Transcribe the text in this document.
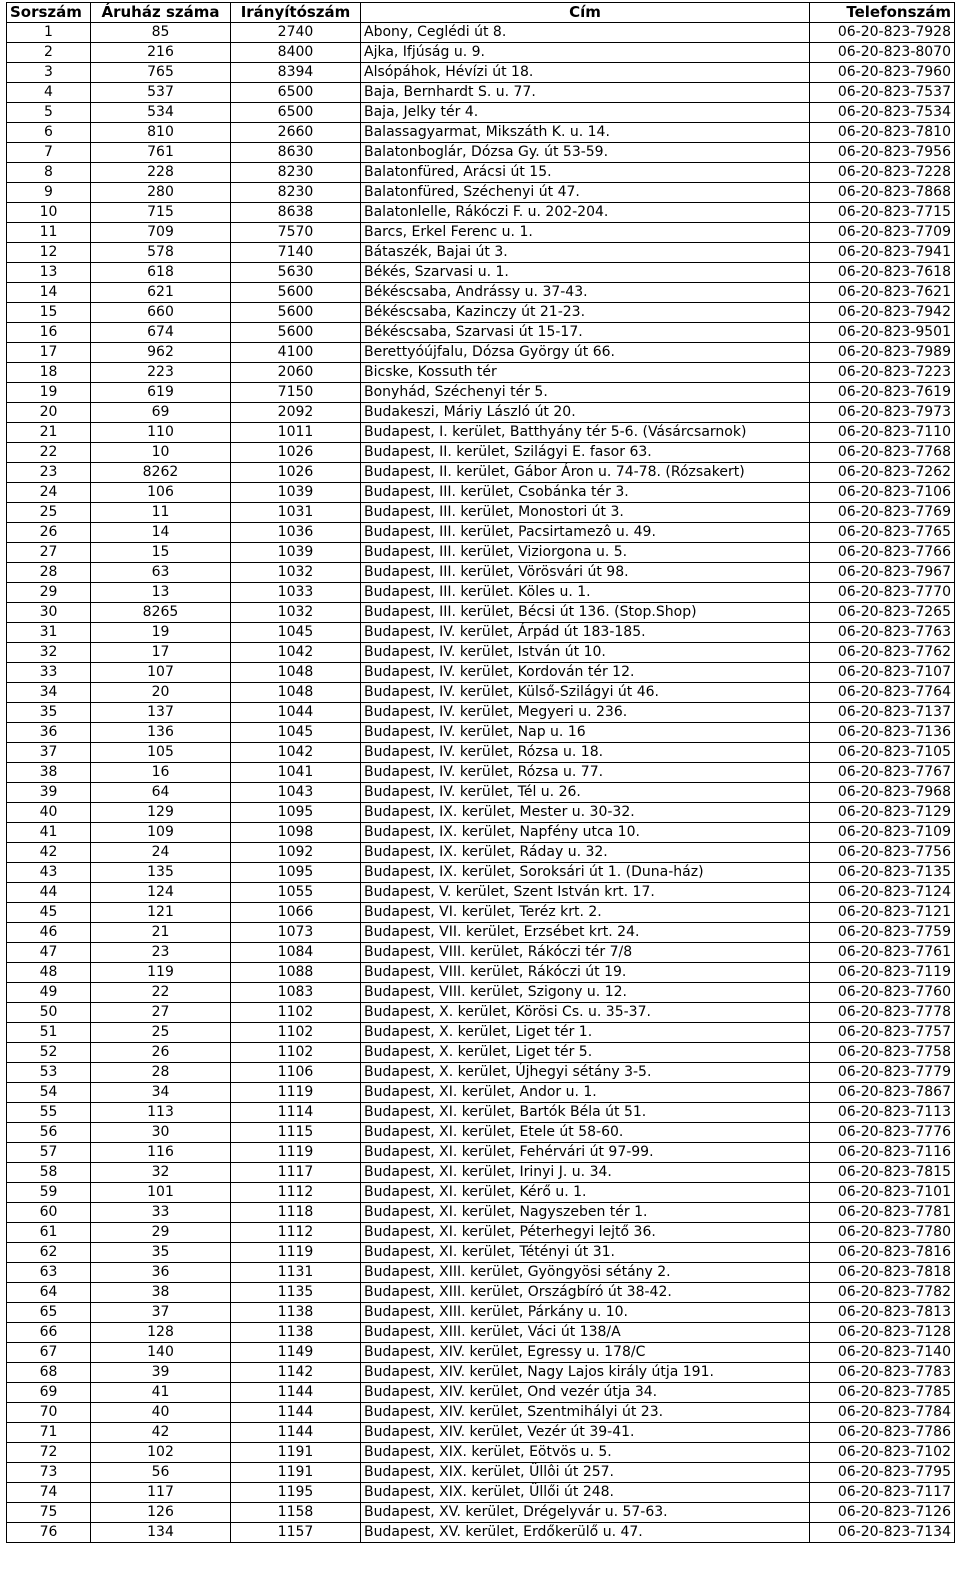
Sorszám	Áruház száma	Irányítószám	Cím	Telefonszám
1	85	2740	Abony, Ceglédi út 8.	06-20-823-7928
2	216	8400	Ajka, Ifjúság u. 9.	06-20-823-8070
3	765	8394	Alsópáhok, Hévízi út 18.	06-20-823-7960
4	537	6500	Baja, Bernhardt S. u. 77.	06-20-823-7537
5	534	6500	Baja, Jelky tér 4.	06-20-823-7534
6	810	2660	Balassagyarmat, Mikszáth K. u. 14.	06-20-823-7810
7	761	8630	Balatonboglár, Dózsa Gy. út 53-59.	06-20-823-7956
8	228	8230	Balatonfüred, Arácsi út 15.	06-20-823-7228
9	280	8230	Balatonfüred, Széchenyi út 47.	06-20-823-7868
10	715	8638	Balatonlelle, Rákóczi F. u. 202-204.	06-20-823-7715
11	709	7570	Barcs, Erkel Ferenc u. 1.	06-20-823-7709
12	578	7140	Bátaszék, Bajai út 3.	06-20-823-7941
13	618	5630	Békés, Szarvasi u. 1.	06-20-823-7618
14	621	5600	Békéscsaba, Andrássy u. 37-43.	06-20-823-7621
15	660	5600	Békéscsaba, Kazinczy út 21-23.	06-20-823-7942
16	674	5600	Békéscsaba, Szarvasi út 15-17.	06-20-823-9501
17	962	4100	Berettyóújfalu, Dózsa György út 66.	06-20-823-7989
18	223	2060	Bicske, Kossuth tér	06-20-823-7223
19	619	7150	Bonyhád, Széchenyi tér 5.	06-20-823-7619
20	69	2092	Budakeszi, Máriy László út 20.	06-20-823-7973
21	110	1011	Budapest, I. kerület, Batthyány tér 5-6. (Vásárcsarnok)	06-20-823-7110
22	10	1026	Budapest, II. kerület, Szilágyi E. fasor 63.	06-20-823-7768
23	8262	1026	Budapest, II. kerület, Gábor Áron u. 74-78. (Rózsakert)	06-20-823-7262
24	106	1039	Budapest, III. kerület, Csobánka tér 3.	06-20-823-7106
25	11	1031	Budapest, III. kerület, Monostori út 3.	06-20-823-7769
26	14	1036	Budapest, III. kerület, Pacsirtamezô u. 49.	06-20-823-7765
27	15	1039	Budapest, III. kerület, Viziorgona u. 5.	06-20-823-7766
28	63	1032	Budapest, III. kerület, Vörösvári út 98.	06-20-823-7967
29	13	1033	Budapest, III. kerület. Köles u. 1.	06-20-823-7770
30	8265	1032	Budapest, III. kerület, Bécsi út 136. (Stop.Shop)	06-20-823-7265
31	19	1045	Budapest, IV. kerület, Árpád út 183-185.	06-20-823-7763
32	17	1042	Budapest, IV. kerület, István út 10.	06-20-823-7762
33	107	1048	Budapest, IV. kerület, Kordován tér 12.	06-20-823-7107
34	20	1048	Budapest, IV. kerület, Külső-Szilágyi út 46.	06-20-823-7764
35	137	1044	Budapest, IV. kerület, Megyeri u. 236.	06-20-823-7137
36	136	1045	Budapest, IV. kerület, Nap u. 16	06-20-823-7136
37	105	1042	Budapest, IV. kerület, Rózsa u. 18.	06-20-823-7105
38	16	1041	Budapest, IV. kerület, Rózsa u. 77.	06-20-823-7767
39	64	1043	Budapest, IV. kerület, Tél u. 26.	06-20-823-7968
40	129	1095	Budapest, IX. kerület, Mester u. 30-32.	06-20-823-7129
41	109	1098	Budapest, IX. kerület, Napfény utca 10.	06-20-823-7109
42	24	1092	Budapest, IX. kerület, Ráday u. 32.	06-20-823-7756
43	135	1095	Budapest, IX. kerület, Soroksári út 1. (Duna-ház)	06-20-823-7135
44	124	1055	Budapest, V. kerület, Szent István krt. 17.	06-20-823-7124
45	121	1066	Budapest, VI. kerület, Teréz krt. 2.	06-20-823-7121
46	21	1073	Budapest, VII. kerület, Erzsébet krt. 24.	06-20-823-7759
47	23	1084	Budapest, VIII. kerület, Rákóczi tér 7/8	06-20-823-7761
48	119	1088	Budapest, VIII. kerület, Rákóczi út 19.	06-20-823-7119
49	22	1083	Budapest, VIII. kerület, Szigony u. 12.	06-20-823-7760
50	27	1102	Budapest, X. kerület, Körösi Cs. u. 35-37.	06-20-823-7778
51	25	1102	Budapest, X. kerület, Liget tér 1.	06-20-823-7757
52	26	1102	Budapest, X. kerület, Liget tér 5.	06-20-823-7758
53	28	1106	Budapest, X. kerület, Újhegyi sétány 3-5.	06-20-823-7779
54	34	1119	Budapest, XI. kerület, Andor u. 1.	06-20-823-7867
55	113	1114	Budapest, XI. kerület, Bartók Béla út 51.	06-20-823-7113
56	30	1115	Budapest, XI. kerület, Etele út 58-60.	06-20-823-7776
57	116	1119	Budapest, XI. kerület, Fehérvári út 97-99.	06-20-823-7116
58	32	1117	Budapest, XI. kerület, Irinyi J. u. 34.	06-20-823-7815
59	101	1112	Budapest, XI. kerület, Kérő u. 1.	06-20-823-7101
60	33	1118	Budapest, XI. kerület, Nagyszeben tér 1.	06-20-823-7781
61	29	1112	Budapest, XI. kerület, Péterhegyi lejtő 36.	06-20-823-7780
62	35	1119	Budapest, XI. kerület, Tétényi út 31.	06-20-823-7816
63	36	1131	Budapest, XIII. kerület, Gyöngyösi sétány 2.	06-20-823-7818
64	38	1135	Budapest, XIII. kerület, Országbíró út 38-42.	06-20-823-7782
65	37	1138	Budapest, XIII. kerület, Párkány u. 10.	06-20-823-7813
66	128	1138	Budapest, XIII. kerület, Váci út 138/A	06-20-823-7128
67	140	1149	Budapest, XIV. kerület, Egressy u. 178/C	06-20-823-7140
68	39	1142	Budapest, XIV. kerület, Nagy Lajos király útja 191.	06-20-823-7783
69	41	1144	Budapest, XIV. kerület, Ond vezér útja 34.	06-20-823-7785
70	40	1144	Budapest, XIV. kerület, Szentmihályi út 23.	06-20-823-7784
71	42	1144	Budapest, XIV. kerület, Vezér út 39-41.	06-20-823-7786
72	102	1191	Budapest, XIX. kerület, Eötvös u. 5.	06-20-823-7102
73	56	1191	Budapest, XIX. kerület, Üllôi út 257.	06-20-823-7795
74	117	1195	Budapest, XIX. kerület, Üllői út 248.	06-20-823-7117
75	126	1158	Budapest, XV. kerület, Drégelyvár u. 57-63.	06-20-823-7126
76	134	1157	Budapest, XV. kerület, Erdőkerülő u. 47.	06-20-823-7134
